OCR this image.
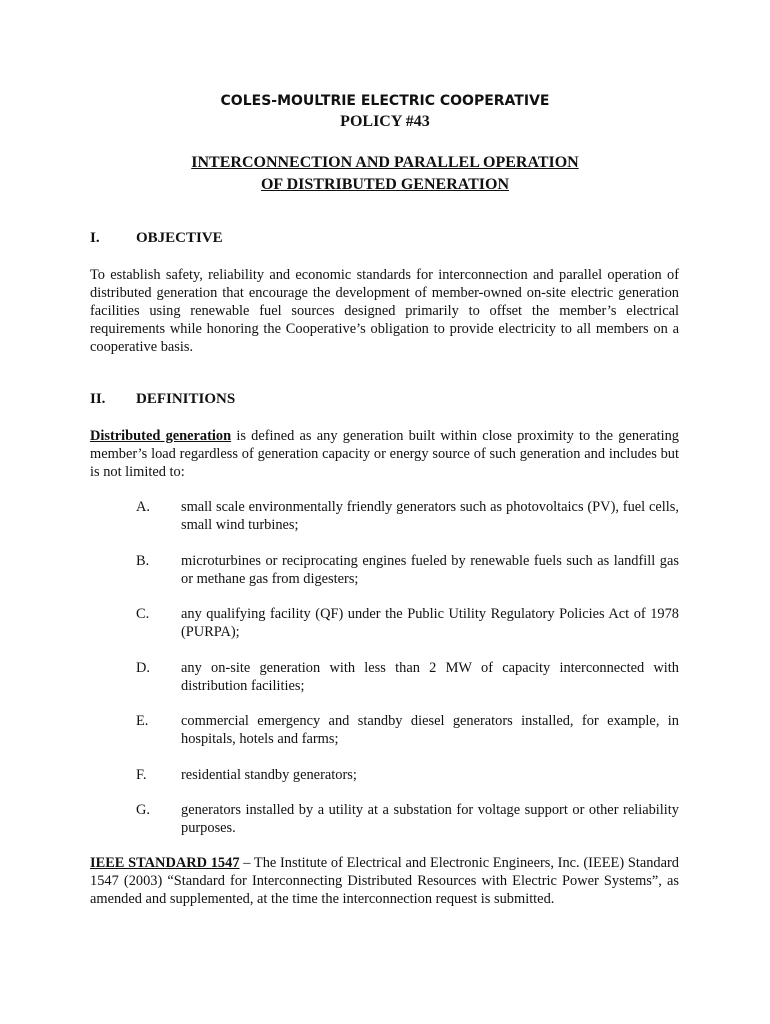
COLES-MOULTRIE ELECTRIC COOPERATIVE
POLICY #43
INTERCONNECTION AND PARALLEL OPERATION
OF DISTRIBUTED GENERATION
I. OBJECTIVE
To establish safety, reliability and economic standards for interconnection and parallel operation of distributed generation that encourage the development of member-owned on-site electric generation facilities using renewable fuel sources designed primarily to offset the member’s electrical requirements while honoring the Cooperative’s obligation to provide electricity to all members on a cooperative basis.
II. DEFINITIONS
Distributed generation is defined as any generation built within close proximity to the generating member’s load regardless of generation capacity or energy source of such generation and includes but is not limited to:
A. small scale environmentally friendly generators such as photovoltaics (PV), fuel cells, small wind turbines;
B. microturbines or reciprocating engines fueled by renewable fuels such as landfill gas or methane gas from digesters;
C. any qualifying facility (QF) under the Public Utility Regulatory Policies Act of 1978 (PURPA);
D. any on-site generation with less than 2 MW of capacity interconnected with distribution facilities;
E. commercial emergency and standby diesel generators installed, for example, in hospitals, hotels and farms;
F. residential standby generators;
G. generators installed by a utility at a substation for voltage support or other reliability purposes.
IEEE STANDARD 1547 – The Institute of Electrical and Electronic Engineers, Inc. (IEEE) Standard 1547 (2003) “Standard for Interconnecting Distributed Resources with Electric Power Systems”, as amended and supplemented, at the time the interconnection request is submitted.
